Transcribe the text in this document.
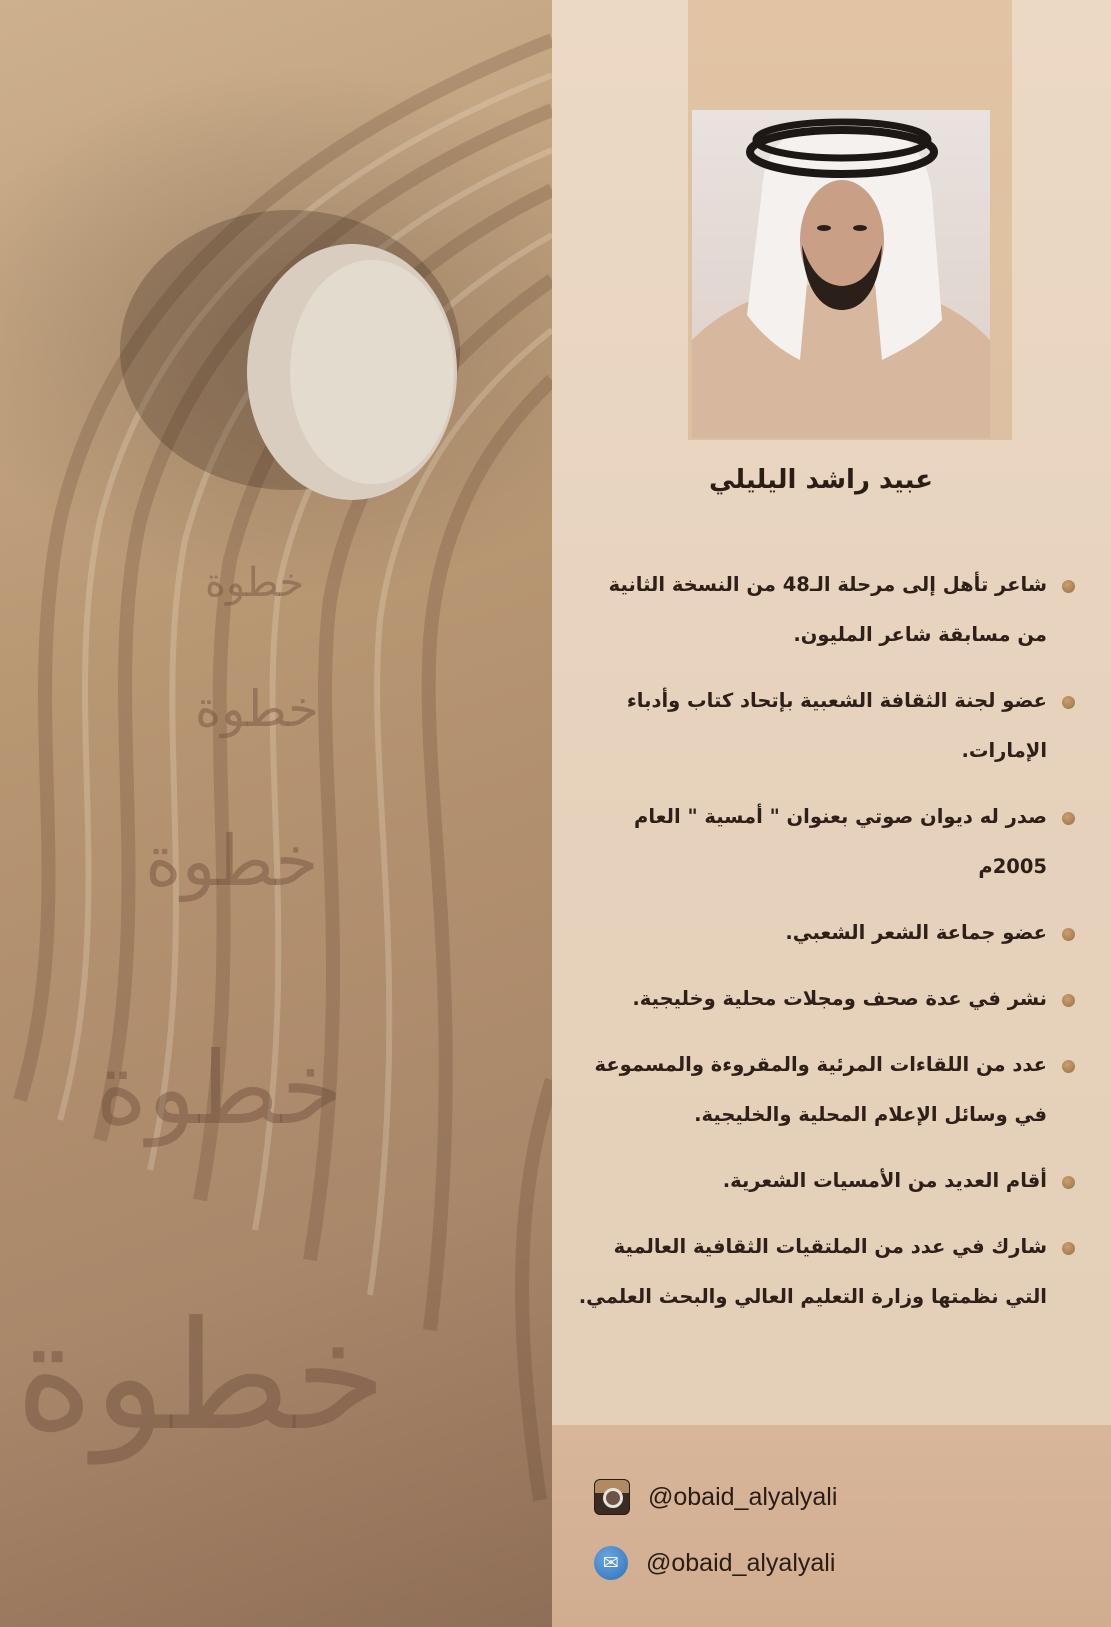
خطوة
خطوة
خطوة
خطوة
خطوة
عبيد راشد اليليلي
شاعر تأهل إلى مرحلة الـ48 من النسخة الثانية من مسابقة شاعر المليون.
عضو لجنة الثقافة الشعبية بإتحاد كتاب وأدباء الإمارات.
صدر له ديوان صوتي بعنوان " أمسية " العام 2005م
عضو جماعة الشعر الشعبي.
نشر في عدة صحف ومجلات محلية وخليجية.
عدد من اللقاءات المرئية والمقروءة والمسموعة في وسائل الإعلام المحلية والخليجية.
أقام العديد من الأمسيات الشعرية.
شارك في عدد من الملتقيات الثقافية العالمية التي نظمتها وزارة التعليم العالي والبحث العلمي.
@obaid_alyalyali
✉	@obaid_alyalyali
